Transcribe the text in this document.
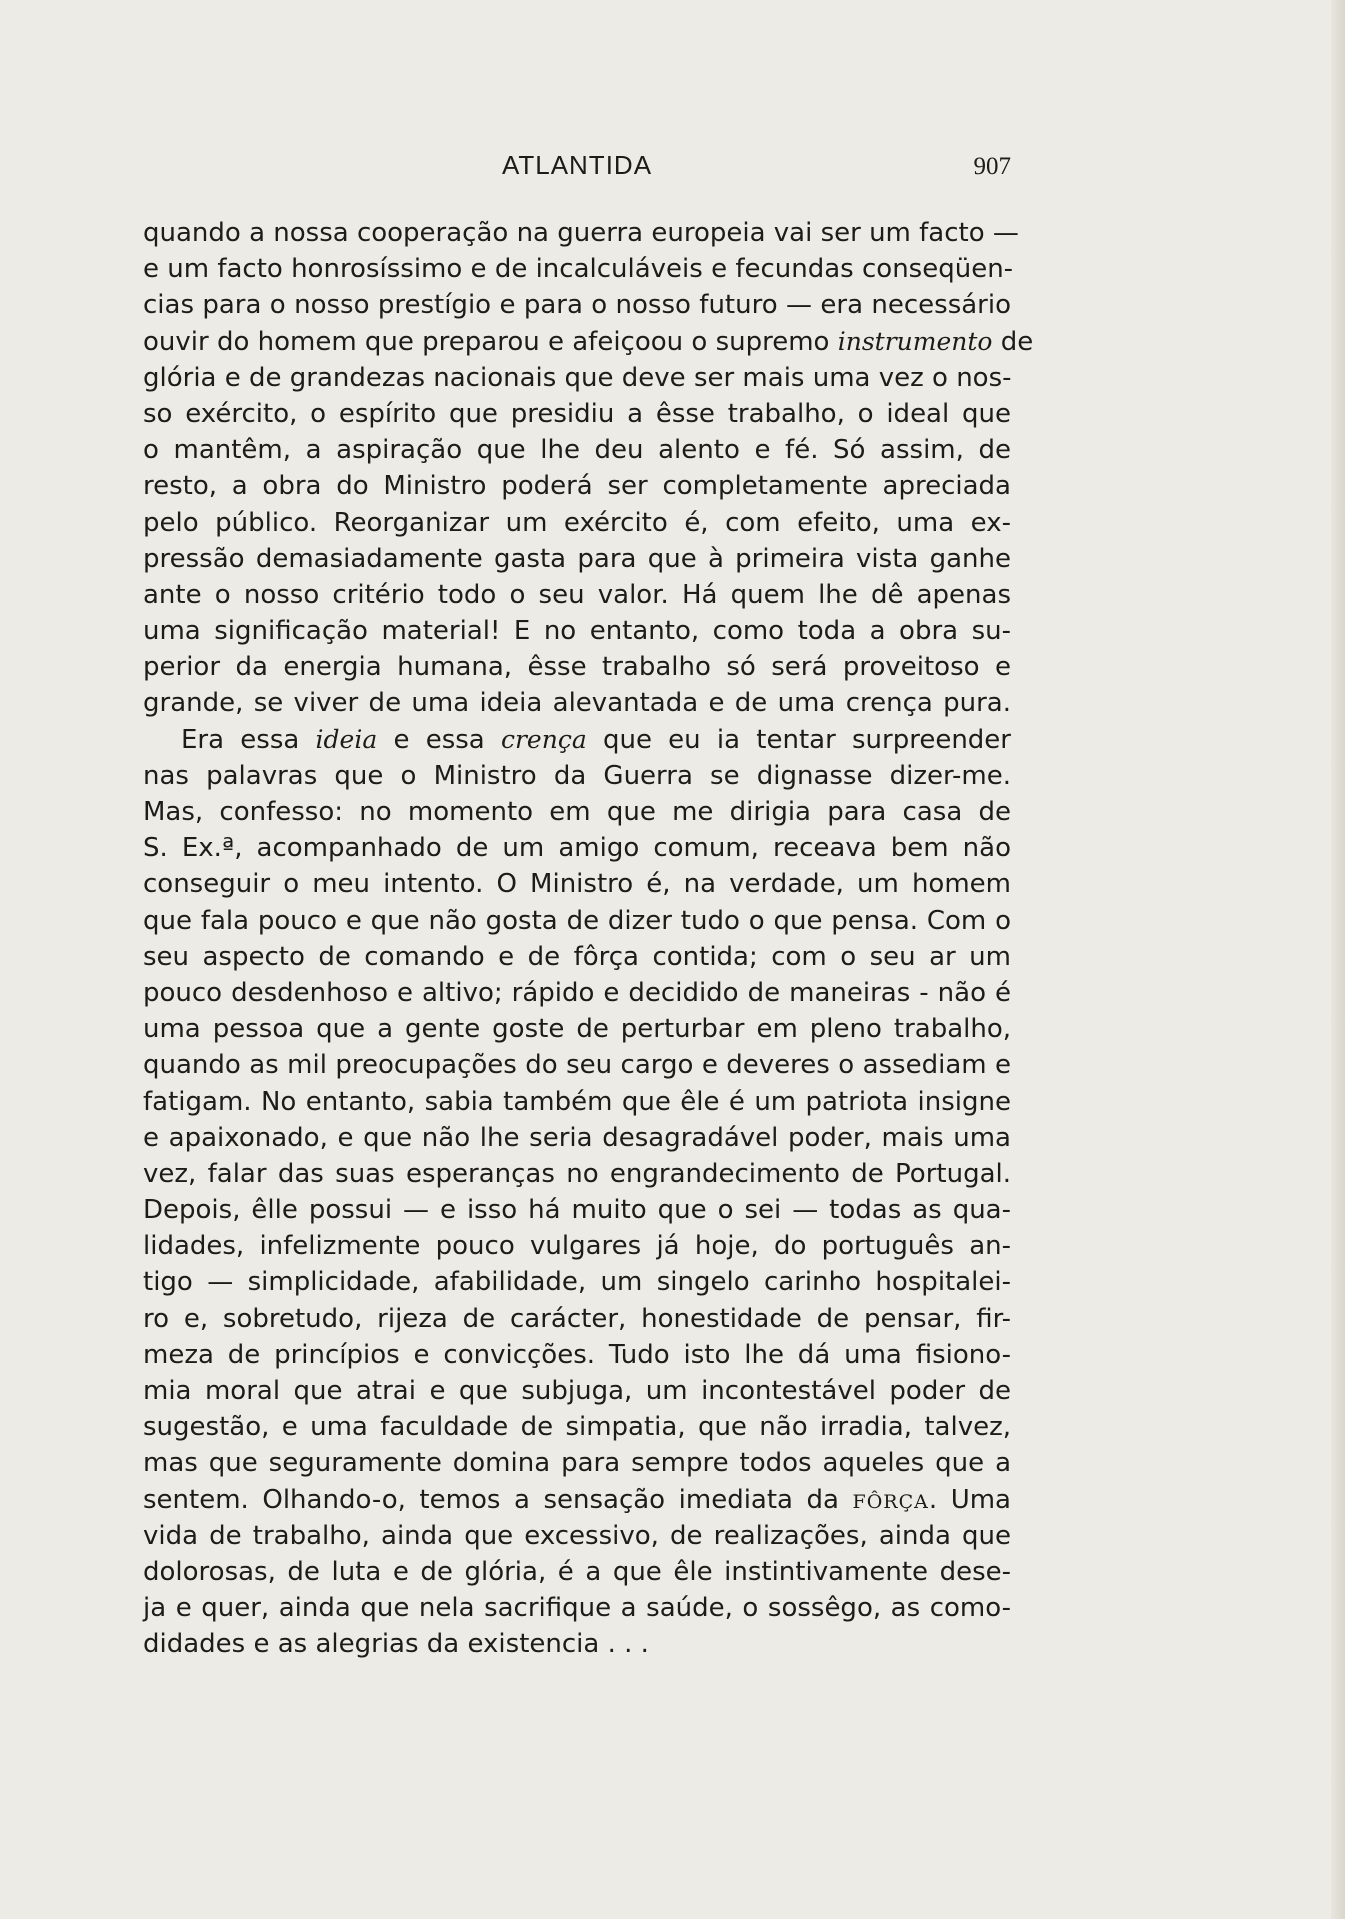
ATLANTIDA	907
quando a nossa cooperação na guerra europeia vai ser um facto —
e um facto honrosíssimo e de incalculáveis e fecundas conseqüen-
cias para o nosso prestígio e para o nosso futuro — era necessário
ouvir do homem que preparou e afeiçoou o supremo instrumento de
glória e de grandezas nacionais que deve ser mais uma vez o nos-
so exército, o espírito que presidiu a êsse trabalho, o ideal que
o mantêm, a aspiração que lhe deu alento e fé. Só assim, de
resto, a obra do Ministro poderá ser completamente apreciada
pelo público. Reorganizar um exército é, com efeito, uma ex-
pressão demasiadamente gasta para que à primeira vista ganhe
ante o nosso critério todo o seu valor. Há quem lhe dê apenas
uma significação material! E no entanto, como toda a obra su-
perior da energia humana, êsse trabalho só será proveitoso e
grande, se viver de uma ideia alevantada e de uma crença pura.
Era essa ideia e essa crença que eu ia tentar surpreender
nas palavras que o Ministro da Guerra se dignasse dizer-me.
Mas, confesso: no momento em que me dirigia para casa de
S. Ex.ª, acompanhado de um amigo comum, receava bem não
conseguir o meu intento. O Ministro é, na verdade, um homem
que fala pouco e que não gosta de dizer tudo o que pensa. Com o
seu aspecto de comando e de fôrça contida; com o seu ar um
pouco desdenhoso e altivo; rápido e decidido de maneiras - não é
uma pessoa que a gente goste de perturbar em pleno trabalho,
quando as mil preocupações do seu cargo e deveres o assediam e
fatigam. No entanto, sabia também que êle é um patriota insigne
e apaixonado, e que não lhe seria desagradável poder, mais uma
vez, falar das suas esperanças no engrandecimento de Portugal.
Depois, êlle possui — e isso há muito que o sei — todas as qua-
lidades, infelizmente pouco vulgares já hoje, do português an-
tigo — simplicidade, afabilidade, um singelo carinho hospitalei-
ro e, sobretudo, rijeza de carácter, honestidade de pensar, fir-
meza de princípios e convicções. Tudo isto lhe dá uma fisiono-
mia moral que atrai e que subjuga, um incontestável poder de
sugestão, e uma faculdade de simpatia, que não irradia, talvez,
mas que seguramente domina para sempre todos aqueles que a
sentem. Olhando-o, temos a sensação imediata da FÔRÇA. Uma
vida de trabalho, ainda que excessivo, de realizações, ainda que
dolorosas, de luta e de glória, é a que êle instintivamente dese-
ja e quer, ainda que nela sacrifique a saúde, o sossêgo, as como-
didades e as alegrias da existencia . . .
